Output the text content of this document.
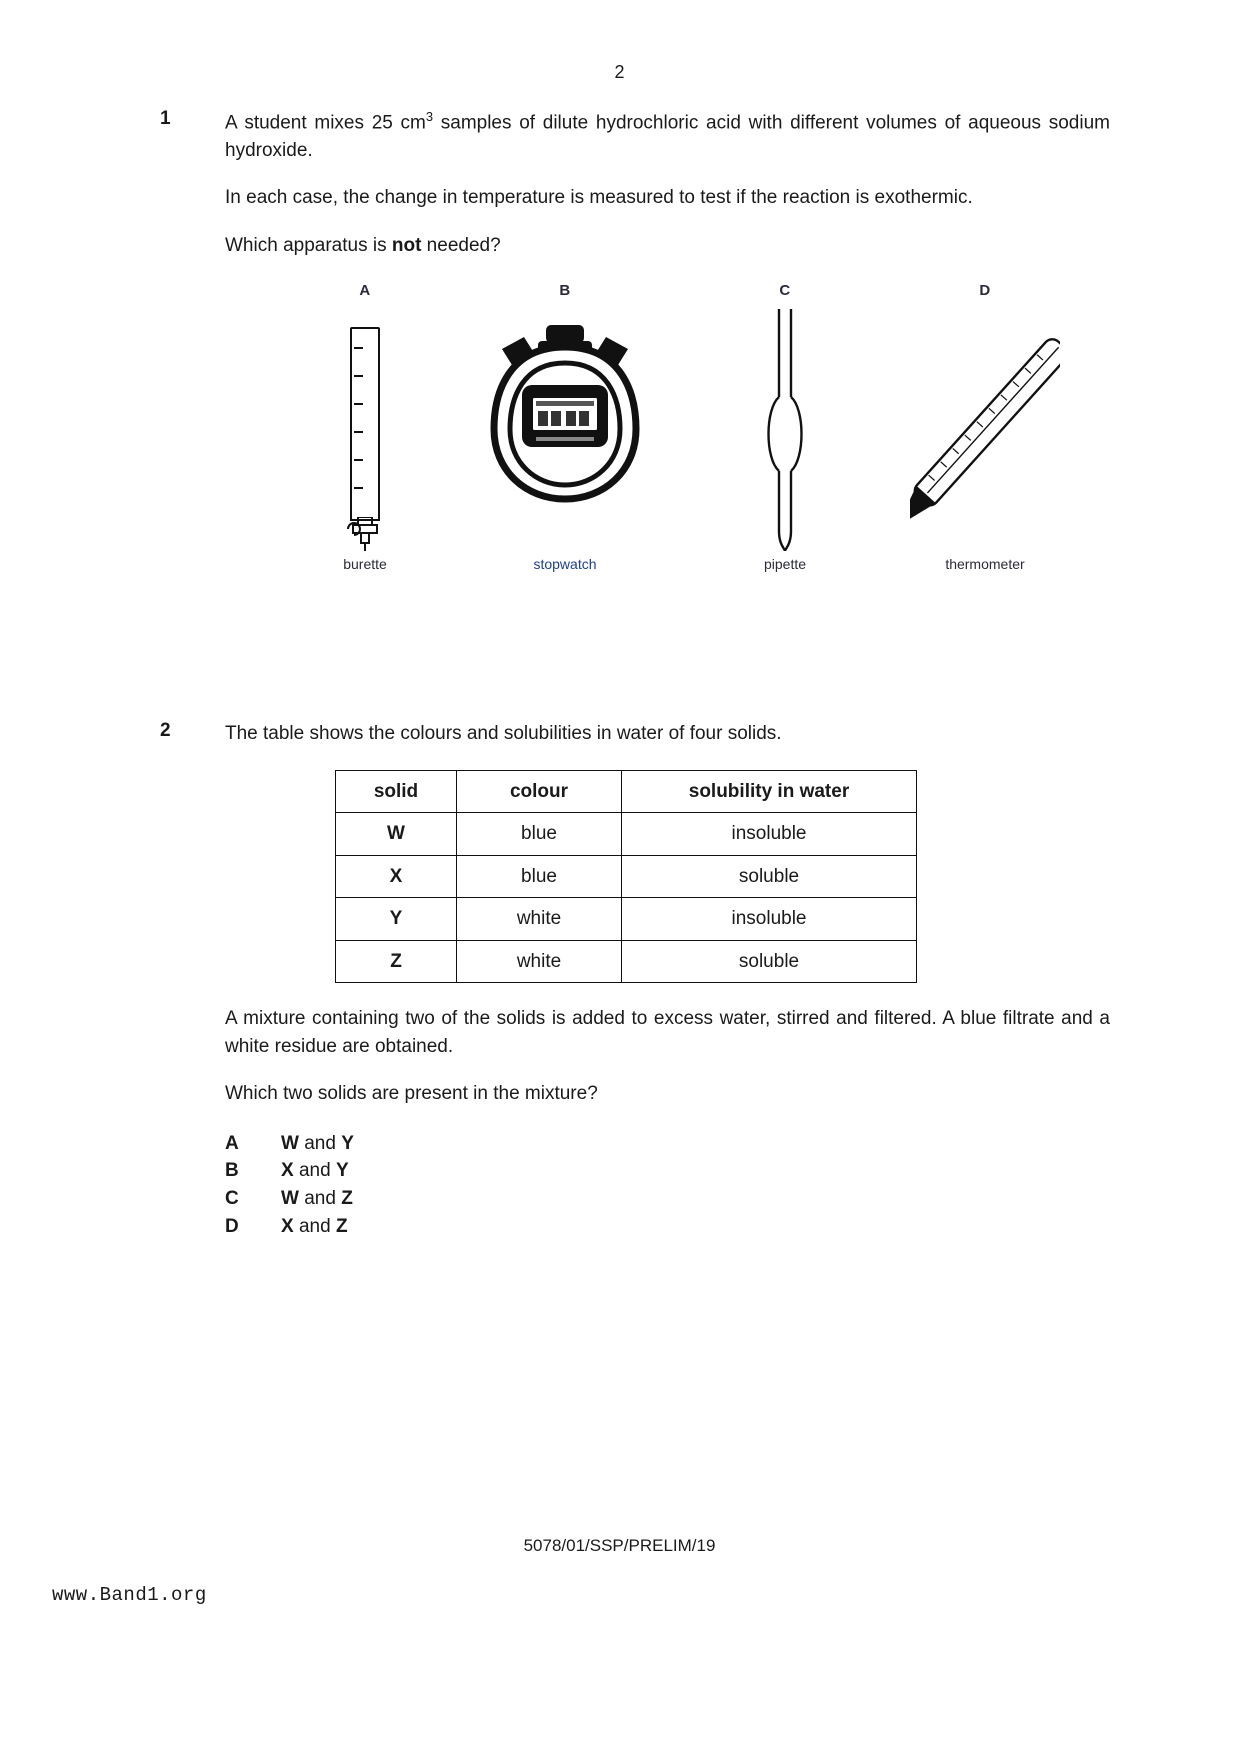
2
1	A student mixes 25 $cm^3$ samples of dilute hydrochloric acid with different volumes of aqueous sodium hydroxide.
In each case, the change in temperature is measured to test if the reaction is exothermic.
Which apparatus is not needed?
A
burette
B
stopwatch
C
pipette
D
thermometer
2	The table shows the colours and solubilities in water of four solids.
solid	colour	solubility in water
W	blue	insoluble
X	blue	soluble
Y	white	insoluble
Z	white	soluble
A mixture containing two of the solids is added to excess water, stirred and filtered. A blue filtrate and a white residue are obtained.
Which two solids are present in the mixture?
A	W and Y
B	X and Y
C	W and Z
D	X and Z
5078/01/SSP/PRELIM/19
www.Band1.org
